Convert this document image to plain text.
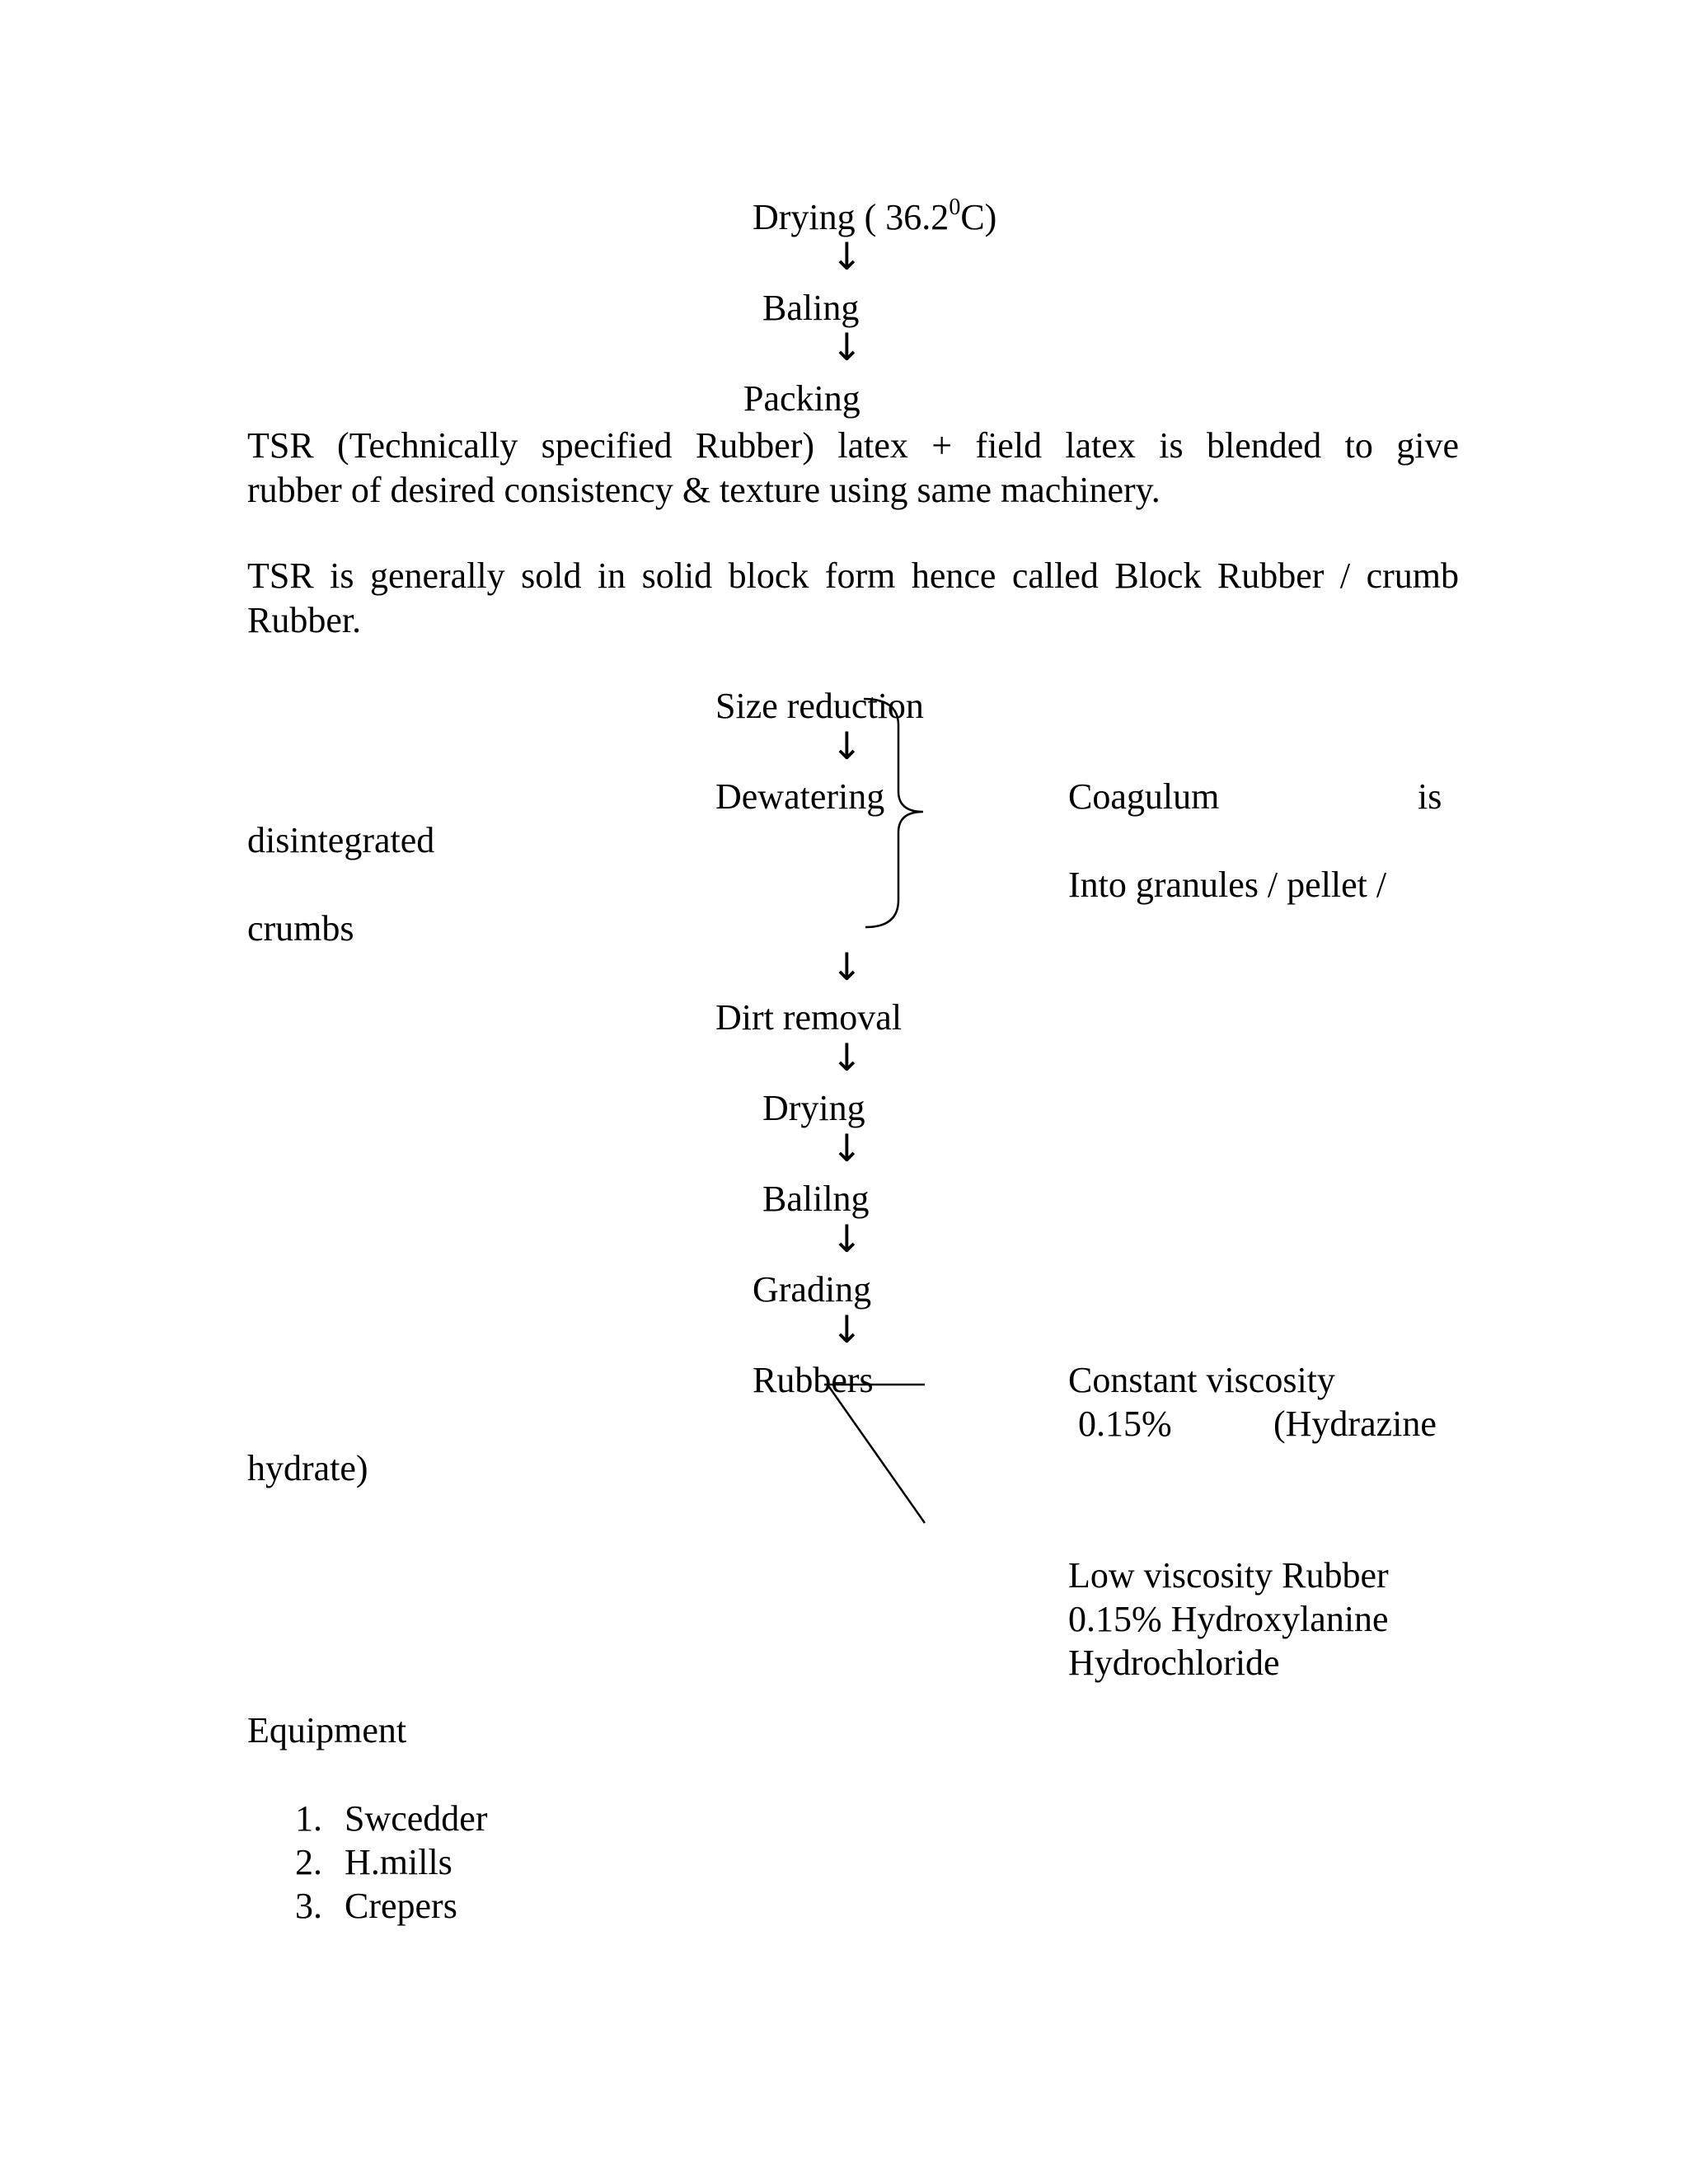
Drying ( 36.2$^0$C)
↓
Baling
↓
Packing
TSR (Technically specified Rubber) latex + field latex is blended to give
rubber of desired consistency & texture using same machinery.
TSR is generally sold in solid block form hence called Block Rubber / crumb
Rubber.
Size reduction
↓
Dewatering	Coagulum	is
disintegrated
Into granules / pellet /
crumbs
↓
Dirt removal
↓
Drying
↓
Balilng
↓
Grading
↓
Rubbers	Constant viscosity
0.15%	(Hydrazine
hydrate)
Low viscosity Rubber
0.15% Hydroxylanine
Hydrochloride
Equipment
1. Swcedder
2. H.mills
3. Crepers
